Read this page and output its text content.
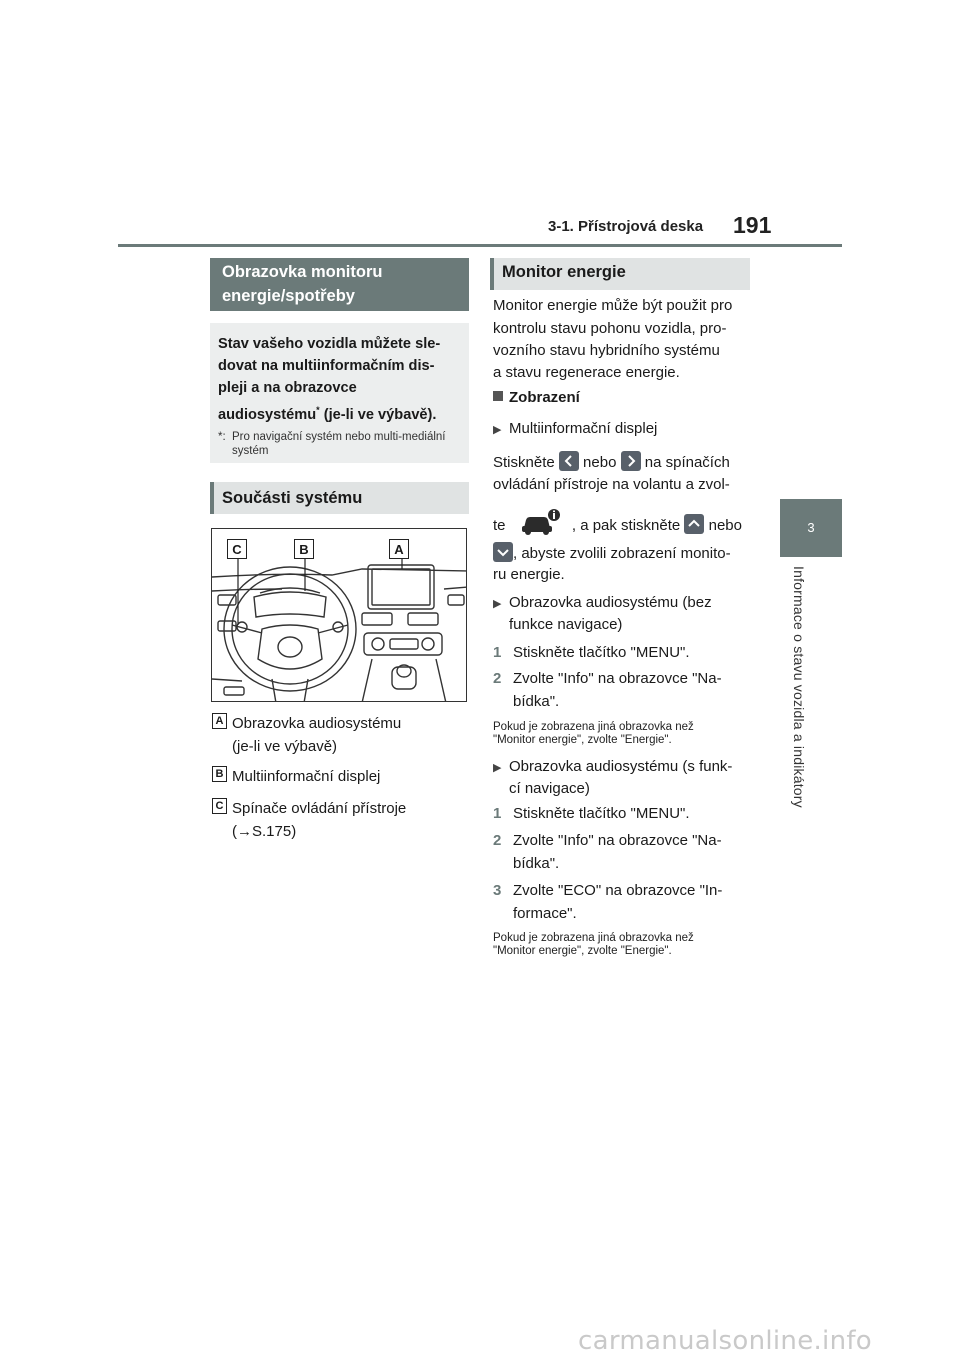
3-1. Přístrojová deska 191
3
Informace o stavu vozidla a indikátory
Obrazovka monitoru energie/spotřeby
Stav vašeho vozidla můžete sle-dovat na multiinformačním dis-pleji a na obrazovce audiosystému* (je-li ve výbavě).
*: Pro navigační systém nebo multi-mediální systém
Součásti systému
C	B	A
A Obrazovka audiosystému
(je-li ve výbavě)
B Multiinformační displej
C Spínače ovládání přístroje
(→S.175)
Monitor energie
Monitor energie může být použit pro
kontrolu stavu pohonu vozidla, pro-
vozního stavu hybridního systému
a stavu regenerace energie.
Zobrazení
▶ Multiinformační displej
Stiskněte nebo na spínačích
ovládání přístroje na volantu a zvol-
te	, a pak stiskněte nebo
, abyste zvolili zobrazení monito-
ru energie.
▶ Obrazovka audiosystému (bez
funkce navigace)
1 Stiskněte tlačítko "MENU".
2 Zvolte "Info" na obrazovce "Na-
bídka".
Pokud je zobrazena jiná obrazovka než
"Monitor energie", zvolte "Energie".
▶ Obrazovka audiosystému (s funk-
cí navigace)
1 Stiskněte tlačítko "MENU".
2 Zvolte "Info" na obrazovce "Na-
bídka".
3 Zvolte "ECO" na obrazovce "In-
formace".
Pokud je zobrazena jiná obrazovka než
"Monitor energie", zvolte "Energie".
carmanualsonline.info
